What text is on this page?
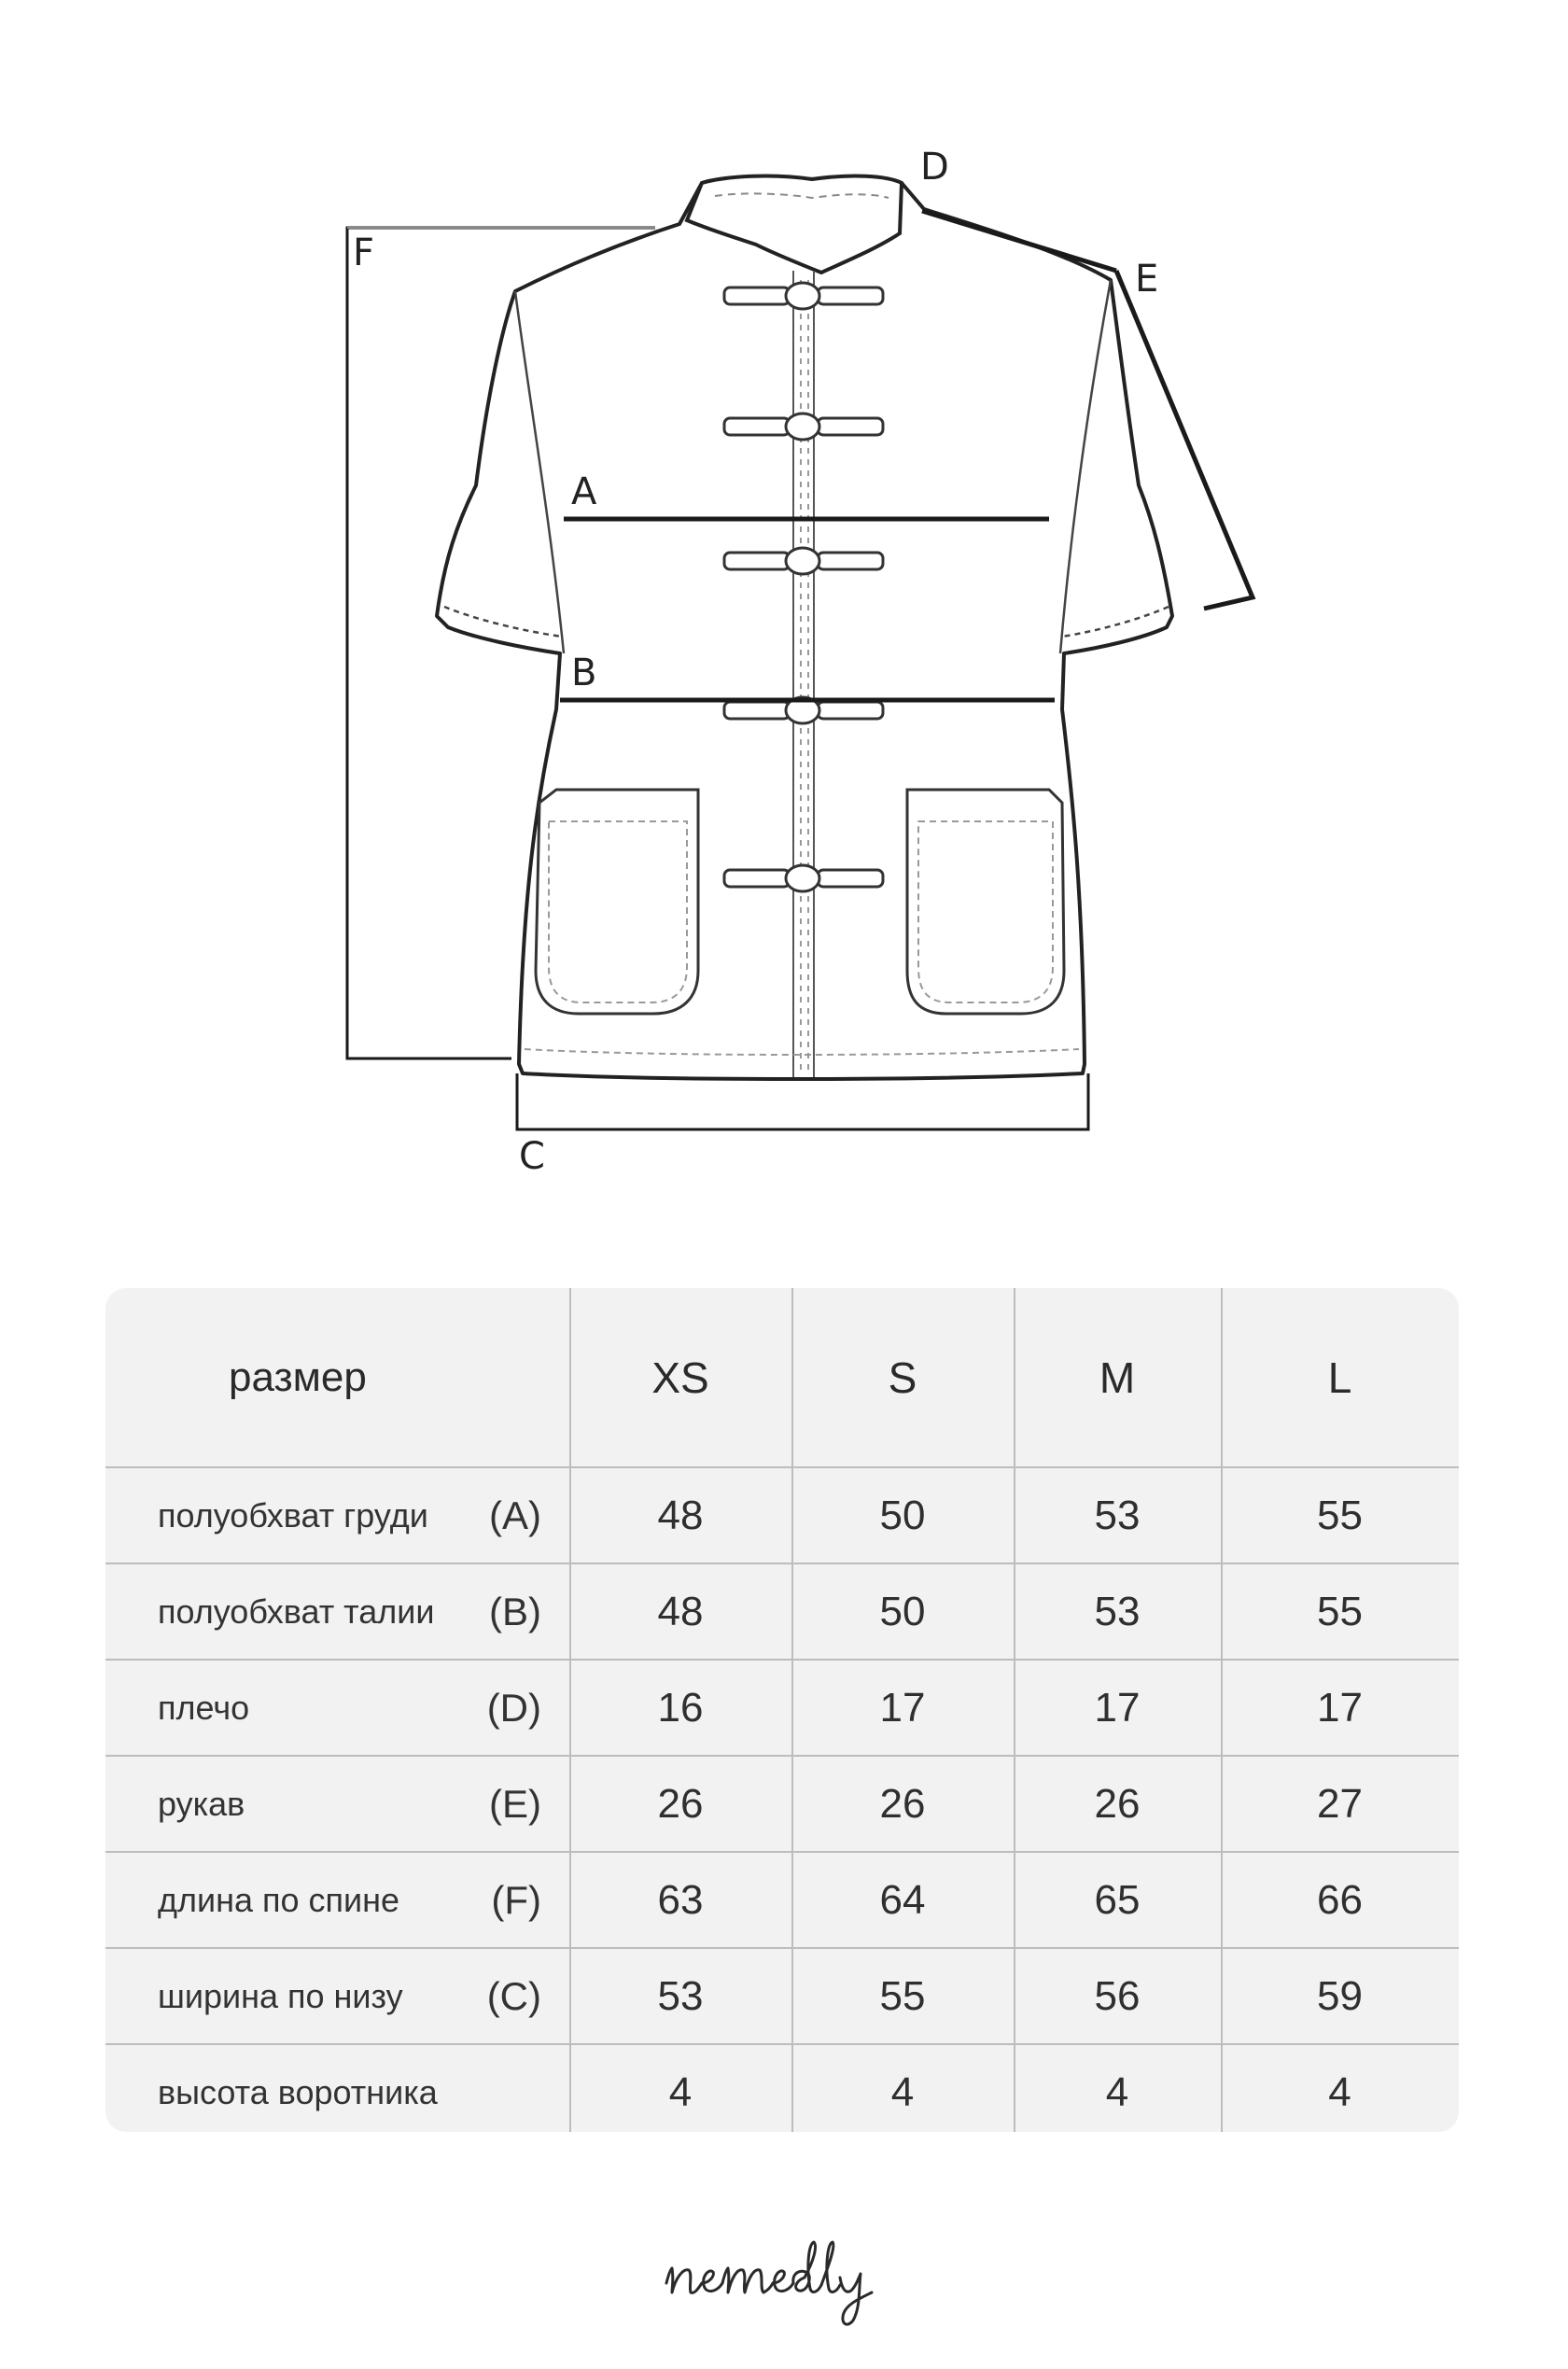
A
B
C
D
E
F
размер	XS	S	M	L
полуобхват груди	(A)	48	50	53	55
полуобхват талии	(B)	48	50	53	55
плечо	(D)	16	17	17	17
рукав	(E)	26	26	26	27
длина по спине	(F)	63	64	65	66
ширина по низу	(C)	53	55	56	59
высота воротника	4	4	4	4
